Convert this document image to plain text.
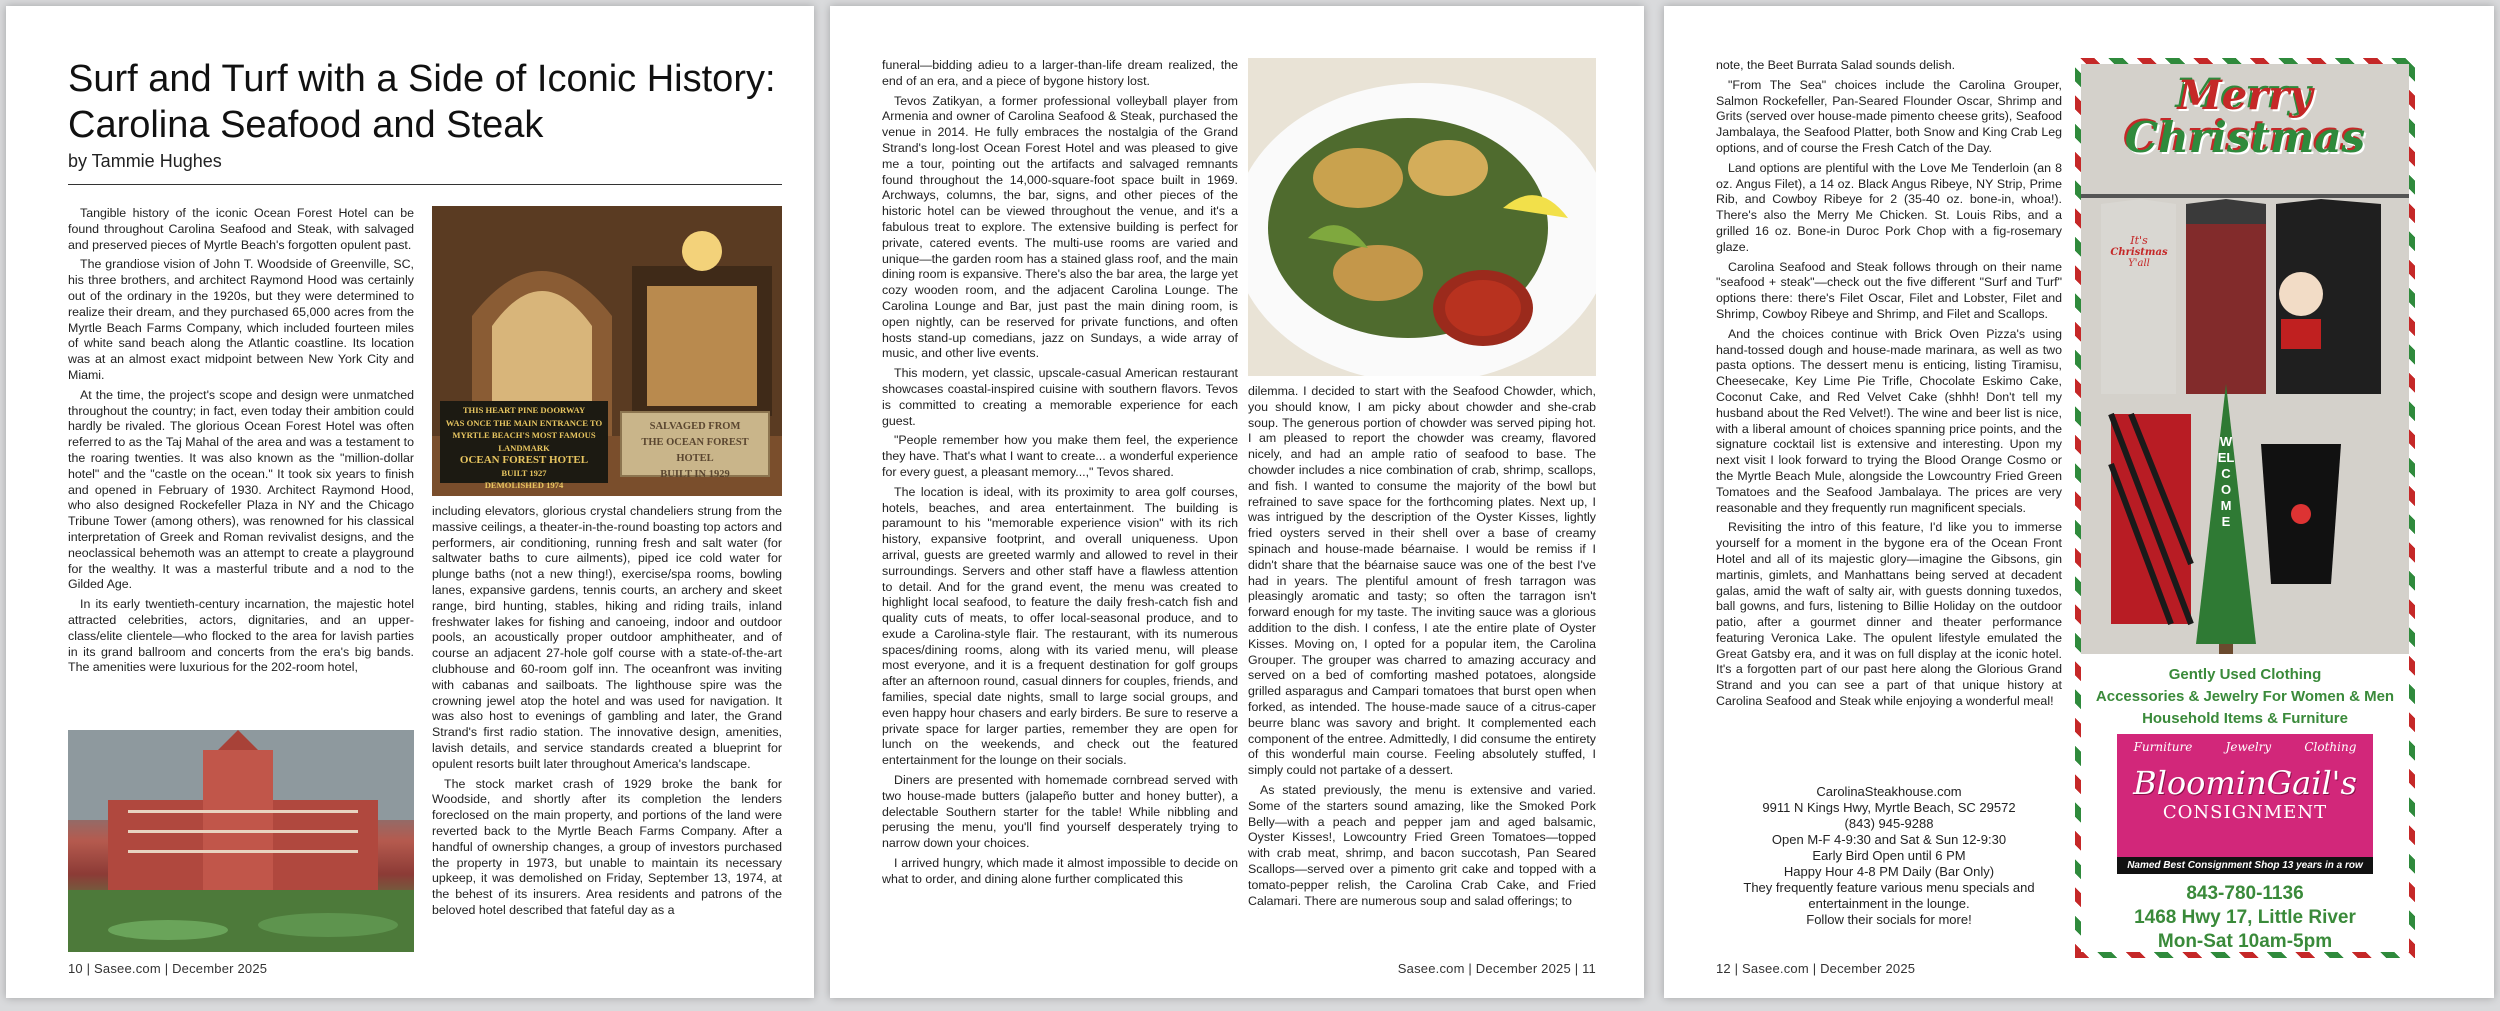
Surf and Turf with a Side of Iconic History:
Carolina Seafood and Steak
by Tammie Hughes

Tangible history of the iconic Ocean Forest Hotel can be found throughout Carolina Seafood and Steak, with salvaged and preserved pieces of Myrtle Beach's forgotten opulent past.

The grandiose vision of John T. Woodside of Greenville, SC, his three brothers, and architect Raymond Hood was certainly out of the ordinary in the 1920s, but they were determined to realize their dream, and they purchased 65,000 acres from the Myrtle Beach Farms Company, which included fourteen miles of white sand beach along the Atlantic coastline. Its location was at an almost exact midpoint between New York City and Miami.

At the time, the project's scope and design were unmatched throughout the country; in fact, even today their ambition could hardly be rivaled. The glorious Ocean Forest Hotel was often referred to as the Taj Mahal of the area and was a testament to the roaring twenties. It was also known as the "million-dollar hotel" and the "castle on the ocean." It took six years to finish and opened in February of 1930. Architect Raymond Hood, who also designed Rockefeller Plaza in NY and the Chicago Tribune Tower (among others), was renowned for his classical interpretation of Greek and Roman revivalist designs, and the neoclassical behemoth was an attempt to create a playground for the wealthy. It was a masterful tribute and a nod to the Gilded Age.

In its early twentieth-century incarnation, the majestic hotel attracted celebrities, actors, dignitaries, and an upper-class/elite clientele—who flocked to the area for lavish parties in its grand ballroom and concerts from the era's big bands. The amenities were luxurious for the 202-room hotel,

THIS HEART PINE DOORWAY
WAS ONCE THE MAIN ENTRANCE TO
MYRTLE BEACH'S MOST FAMOUS LANDMARK
OCEAN FOREST HOTEL
BUILT 1927
DEMOLISHED 1974
SALVAGED FROM
THE OCEAN FOREST HOTEL
BUILT IN 1929

including elevators, glorious crystal chandeliers strung from the massive ceilings, a theater-in-the-round boasting top actors and performers, air conditioning, running fresh and salt water (for saltwater baths to cure ailments), piped ice cold water for plunge baths (not a new thing!), exercise/spa rooms, bowling lanes, expansive gardens, tennis courts, an archery and skeet range, bird hunting, stables, hiking and riding trails, inland freshwater lakes for fishing and canoeing, indoor and outdoor pools, an acoustically proper outdoor amphitheater, and of course an adjacent 27-hole golf course with a state-of-the-art clubhouse and 60-room golf inn. The oceanfront was inviting with cabanas and sailboats. The lighthouse spire was the crowning jewel atop the hotel and was used for navigation. It was also host to evenings of gambling and later, the Grand Strand's first radio station. The innovative design, amenities, lavish details, and service standards created a blueprint for opulent resorts built later throughout America's landscape.

The stock market crash of 1929 broke the bank for Woodside, and shortly after its completion the lenders foreclosed on the main property, and portions of the land were reverted back to the Myrtle Beach Farms Company. After a handful of ownership changes, a group of investors purchased the property in 1973, but unable to maintain its necessary upkeep, it was demolished on Friday, September 13, 1974, at the behest of its insurers. Area residents and patrons of the beloved hotel described that fateful day as a

10 | Sasee.com | December 2025

funeral—bidding adieu to a larger-than-life dream realized, the end of an era, and a piece of bygone history lost.

Tevos Zatikyan, a former professional volleyball player from Armenia and owner of Carolina Seafood & Steak, purchased the venue in 2014. He fully embraces the nostalgia of the Grand Strand's long-lost Ocean Forest Hotel and was pleased to give me a tour, pointing out the artifacts and salvaged remnants found throughout the 14,000-square-foot space built in 1969. Archways, columns, the bar, signs, and other pieces of the historic hotel can be viewed throughout the venue, and it's a fabulous treat to explore. The extensive building is perfect for private, catered events. The multi-use rooms are varied and unique—the garden room has a stained glass roof, and the main dining room is expansive. There's also the bar area, the large yet cozy wooden room, and the adjacent Carolina Lounge. The Carolina Lounge and Bar, just past the main dining room, is open nightly, can be reserved for private functions, and often hosts stand-up comedians, jazz on Sundays, a wide array of music, and other live events.

This modern, yet classic, upscale-casual American restaurant showcases coastal-inspired cuisine with southern flavors. Tevos is committed to creating a memorable experience for each guest.

"People remember how you make them feel, the experience they have. That's what I want to create... a wonderful experience for every guest, a pleasant memory...," Tevos shared.

The location is ideal, with its proximity to area golf courses, hotels, beaches, and area entertainment. The building is paramount to his "memorable experience vision" with its rich history, expansive footprint, and overall uniqueness. Upon arrival, guests are greeted warmly and allowed to revel in their surroundings. Servers and other staff have a flawless attention to detail. And for the grand event, the menu was created to highlight local seafood, to feature the daily fresh-catch fish and quality cuts of meats, to offer local-seasonal produce, and to exude a Carolina-style flair. The restaurant, with its numerous spaces/dining rooms, along with its varied menu, will please most everyone, and it is a frequent destination for golf groups after an afternoon round, casual dinners for couples, friends, and families, special date nights, small to large social groups, and even happy hour chasers and early birders. Be sure to reserve a private space for larger parties, remember they are open for lunch on the weekends, and check out the featured entertainment for the lounge on their socials.

Diners are presented with homemade cornbread served with two house-made butters (jalapeño butter and honey butter), a delectable Southern starter for the table! While nibbling and perusing the menu, you'll find yourself desperately trying to narrow down your choices.

I arrived hungry, which made it almost impossible to decide on what to order, and dining alone further complicated this

dilemma. I decided to start with the Seafood Chowder, which, you should know, I am picky about chowder and she-crab soup. The generous portion of chowder was served piping hot. I am pleased to report the chowder was creamy, flavored nicely, and had an ample ratio of seafood to base. The chowder includes a nice combination of crab, shrimp, scallops, and fish. I wanted to consume the majority of the bowl but refrained to save space for the forthcoming plates. Next up, I was intrigued by the description of the Oyster Kisses, lightly fried oysters served in their shell over a base of creamy spinach and house-made béarnaise. I would be remiss if I didn't share that the béarnaise sauce was one of the best I've had in years. The plentiful amount of fresh tarragon was pleasingly aromatic and tasty; so often the tarragon isn't forward enough for my taste. The inviting sauce was a glorious addition to the dish. I confess, I ate the entire plate of Oyster Kisses. Moving on, I opted for a popular item, the Carolina Grouper. The grouper was charred to amazing accuracy and served on a bed of comforting mashed potatoes, alongside grilled asparagus and Campari tomatoes that burst open when forked, as intended. The house-made sauce of a citrus-caper beurre blanc was savory and bright. It complemented each component of the entree. Admittedly, I did consume the entirety of this wonderful main course. Feeling absolutely stuffed, I simply could not partake of a dessert.

As stated previously, the menu is extensive and varied. Some of the starters sound amazing, like the Smoked Pork Belly—with a peach and pepper jam and aged balsamic, Oyster Kisses!, Lowcountry Fried Green Tomatoes—topped with crab meat, shrimp, and bacon succotash, Pan Seared Scallops—served over a pimento grit cake and topped with a tomato-pepper relish, the Carolina Crab Cake, and Fried Calamari. There are numerous soup and salad offerings; to

Sasee.com | December 2025 | 11

note, the Beet Burrata Salad sounds delish.

"From The Sea" choices include the Carolina Grouper, Salmon Rockefeller, Pan-Seared Flounder Oscar, Shrimp and Grits (served over house-made pimento cheese grits), Seafood Jambalaya, the Seafood Platter, both Snow and King Crab Leg options, and of course the Fresh Catch of the Day.

Land options are plentiful with the Love Me Tenderloin (an 8 oz. Angus Filet), a 14 oz. Black Angus Ribeye, NY Strip, Prime Rib, and Cowboy Ribeye for 2 (35-40 oz. bone-in, whoa!). There's also the Merry Me Chicken. St. Louis Ribs, and a grilled 16 oz. Bone-in Duroc Pork Chop with a fig-rosemary glaze.

Carolina Seafood and Steak follows through on their name "seafood + steak"—check out the five different "Surf and Turf" options there: there's Filet Oscar, Filet and Lobster, Filet and Shrimp, Cowboy Ribeye and Shrimp, and Filet and Scallops.

And the choices continue with Brick Oven Pizza's using hand-tossed dough and house-made marinara, as well as two pasta options. The dessert menu is enticing, listing Tiramisu, Cheesecake, Key Lime Pie Trifle, Chocolate Eskimo Cake, Coconut Cake, and Red Velvet Cake (shhh! Don't tell my husband about the Red Velvet!). The wine and beer list is nice, with a liberal amount of choices spanning price points, and the signature cocktail list is extensive and interesting. Upon my next visit I look forward to trying the Blood Orange Cosmo or the Myrtle Beach Mule, alongside the Lowcountry Fried Green Tomatoes and the Seafood Jambalaya. The prices are very reasonable and they frequently run magnificent specials.

Revisiting the intro of this feature, I'd like you to immerse yourself for a moment in the bygone era of the Ocean Front Hotel and all of its majestic glory—imagine the Gibsons, gin martinis, gimlets, and Manhattans being served at decadent galas, amid the waft of salty air, with guests donning tuxedos, ball gowns, and furs, listening to Billie Holiday on the outdoor patio, after a gourmet dinner and theater performance featuring Veronica Lake. The opulent lifestyle emulated the Great Gatsby era, and it was on full display at the iconic hotel. It's a forgotten part of our past here along the Glorious Grand Strand and you can see a part of that unique history at Carolina Seafood and Steak while enjoying a wonderful meal!

CarolinaSteakhouse.com
9911 N Kings Hwy, Myrtle Beach, SC 29572
(843) 945-9288
Open M-F 4-9:30 and Sat & Sun 12-9:30
Early Bird Open until 6 PM
Happy Hour 4-8 PM Daily (Bar Only)
They frequently feature various menu specials and
entertainment in the lounge.
Follow their socials for more!
12 | Sasee.com | December 2025
Merry
Christmas
It's
Christmas
Y'all
WELCOME
Gently Used Clothing
Accessories & Jewelry For Women & Men
Household Items & Furniture
Furniture	Jewelry	Clothing
BloominGail's
CONSIGNMENT
Named Best Consignment Shop 13 years in a row
843-780-1136
1468 Hwy 17, Little River
Mon-Sat 10am-5pm
